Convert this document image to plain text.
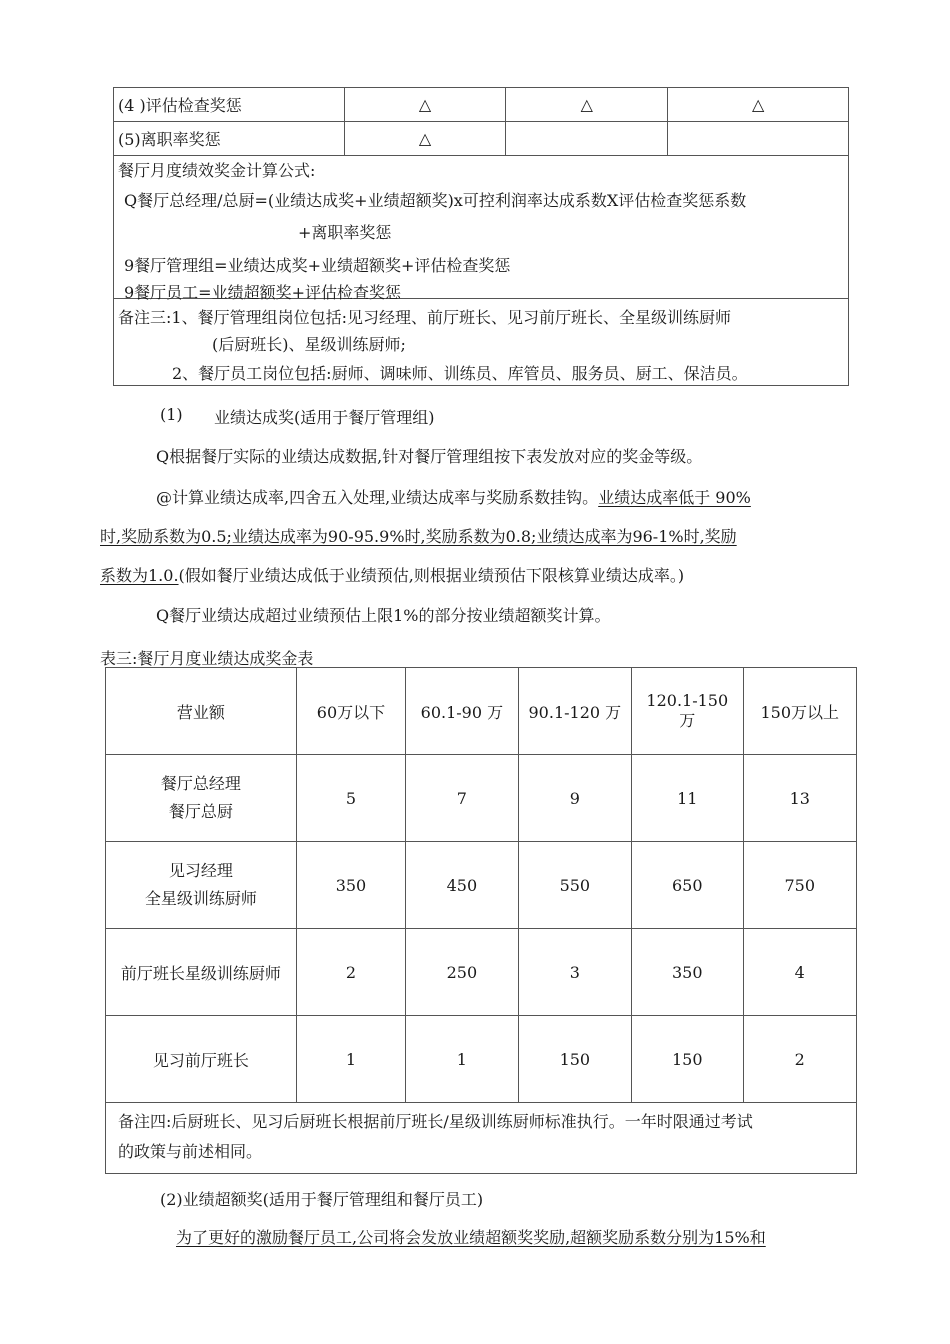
(4 )评估检查奖惩	△	△	△
(5)离职率奖惩	△		

餐厅月度绩效奖金计算公式:
Q餐厅总经理/总厨=(业绩达成奖+业绩超额奖)x可控利润率达成系数X评估检查奖惩系数
+离职率奖惩
9餐厅管理组=业绩达成奖+业绩超额奖+评估检查奖惩
9餐厅员工=业绩超额奖+评估检查奖惩			

备注三:1、餐厅管理组岗位包括:见习经理、前厅班长、见习前厅班长、全星级训练厨师
(后厨班长)、星级训练厨师;
2、餐厅员工岗位包括:厨师、调味师、训练员、库管员、服务员、厨工、保洁员。			
(1) 业绩达成奖(适用于餐厅管理组)
Q根据餐厅实际的业绩达成数据,针对餐厅管理组按下表发放对应的奖金等级。
@计算业绩达成率,四舍五入处理,业绩达成率与奖励系数挂钩。业绩达成率低于 90%
时,奖励系数为0.5;业绩达成率为90-95.9%时,奖励系数为0.8;业绩达成率为96-1%时,奖励
系数为1.0.(假如餐厅业绩达成低于业绩预估,则根据业绩预估下限核算业绩达成率。)
Q餐厅业绩达成超过业绩预估上限1%的部分按业绩超额奖计算。
表三:餐厅月度业绩达成奖金表
营业额	60万以下	60.1-90 万	90.1-120 万	120.1-150
万	150万以上
餐厅总经理
餐厅总厨	5	7	9	11	13
见习经理
全星级训练厨师	350	450	550	650	750
前厅班长星级训练厨师	2	250	3	350	4
见习前厅班长	1	1	150	150	2
备注四:后厨班长、见习后厨班长根据前厅班长/星级训练厨师标准执行。一年时限通过考试
的政策与前述相同。					
(2)业绩超额奖(适用于餐厅管理组和餐厅员工)
为了更好的激励餐厅员工,公司将会发放业绩超额奖奖励,超额奖励系数分别为15%和
